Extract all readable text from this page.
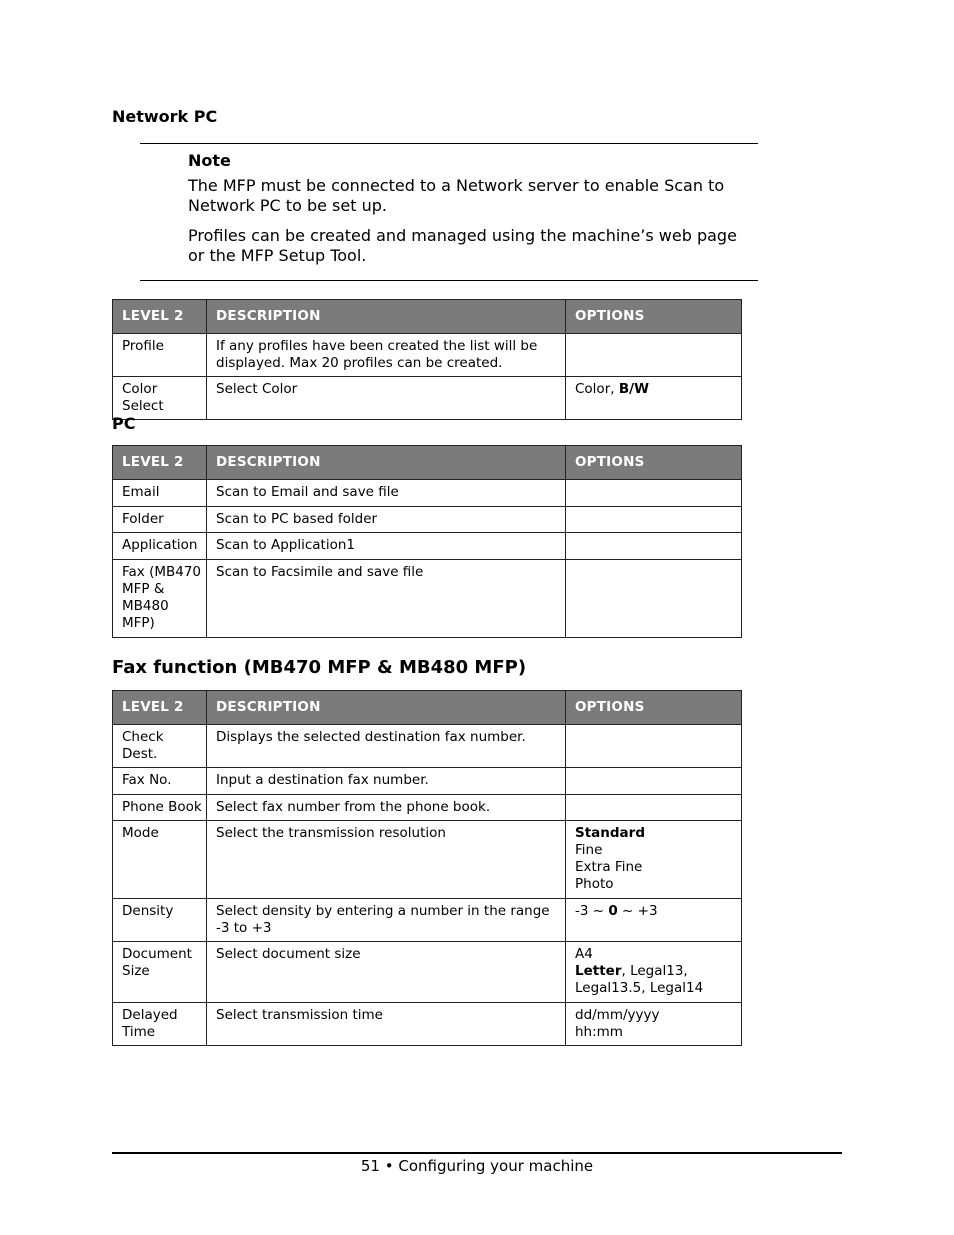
Network PC
Note
The MFP must be connected to a Network server to enable Scan to Network PC to be set up.
Profiles can be created and managed using the machine’s web page or the MFP Setup Tool.
LEVEL 2	DESCRIPTION	OPTIONS
Profile	If any profiles have been created the list will be displayed. Max 20 profiles can be created.	
Color Select	Select Color	Color, B/W
PC
LEVEL 2	DESCRIPTION	OPTIONS
Email	Scan to Email and save file	
Folder	Scan to PC based folder	
Application	Scan to Application1	
Fax (MB470 MFP & MB480 MFP)	Scan to Facsimile and save file	
Fax function (MB470 MFP & MB480 MFP)
LEVEL 2	DESCRIPTION	OPTIONS
Check Dest.	Displays the selected destination fax number.	
Fax No.	Input a destination fax number.	
Phone Book	Select fax number from the phone book.	
Mode	Select the transmission resolution	Standard
Fine
Extra Fine
Photo

Density	Select density by entering a number in the range -3 to +3	-3 ~ 0 ~ +3
Document Size	Select document size	A4
Letter, Legal13, Legal13.5, Legal14

Delayed Time	Select transmission time	dd/mm/yyyy
hh:mm
51 • Configuring your machine
